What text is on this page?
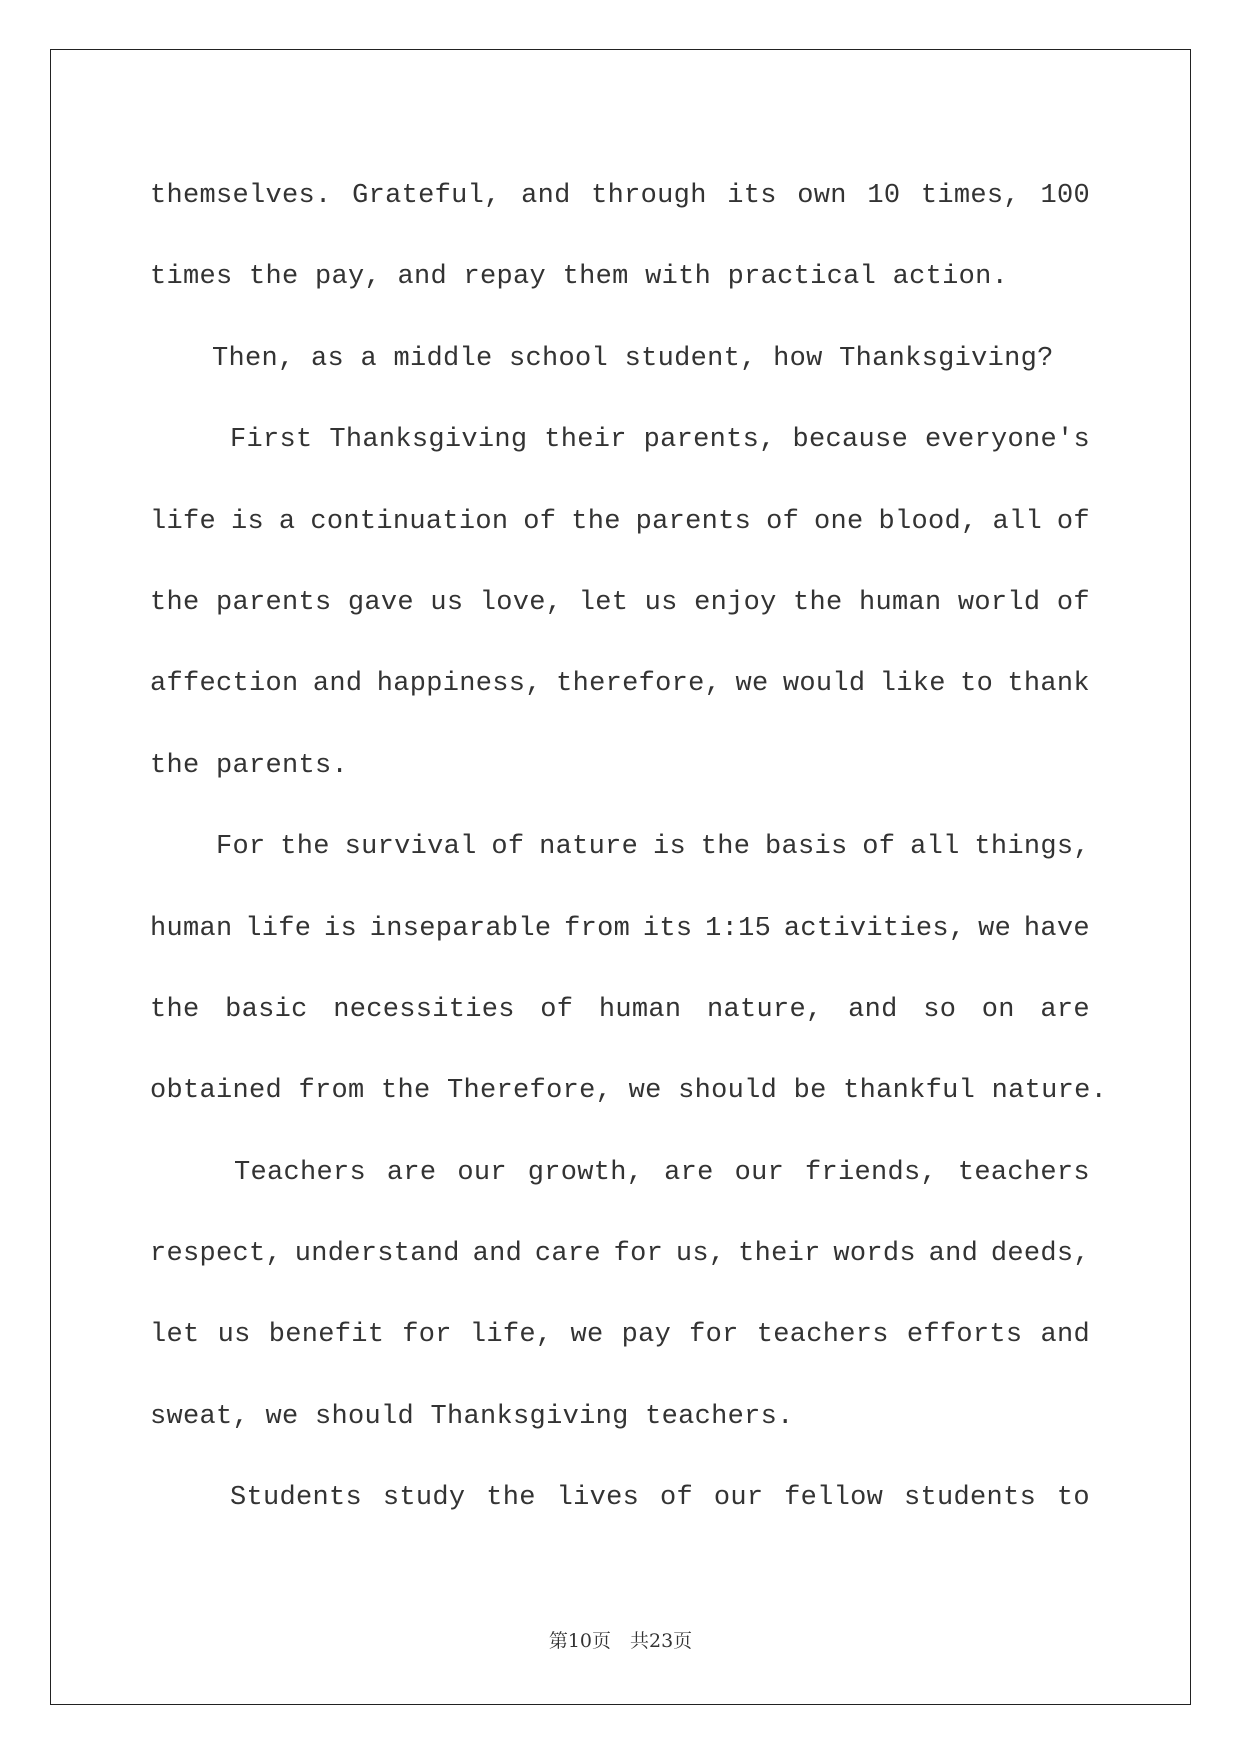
themselves. Grateful, and through its own 10 times, 100
times the pay, and repay them with practical action.
Then, as a middle school student, how Thanksgiving?
First Thanksgiving their parents, because everyone's
life is a continuation of the parents of one blood, all of
the parents gave us love, let us enjoy the human world of
affection and happiness, therefore, we would like to thank
the parents.
For the survival of nature is the basis of all things,
human life is inseparable from its 1:15 activities, we have
the basic necessities of human nature, and so on are
obtained from the Therefore, we should be thankful nature.
Teachers are our growth, are our friends, teachers
respect, understand and care for us, their words and deeds,
let us benefit for life, we pay for teachers efforts and
sweat, we should Thanksgiving teachers.
Students study the lives of our fellow students to
第10页　共23页
